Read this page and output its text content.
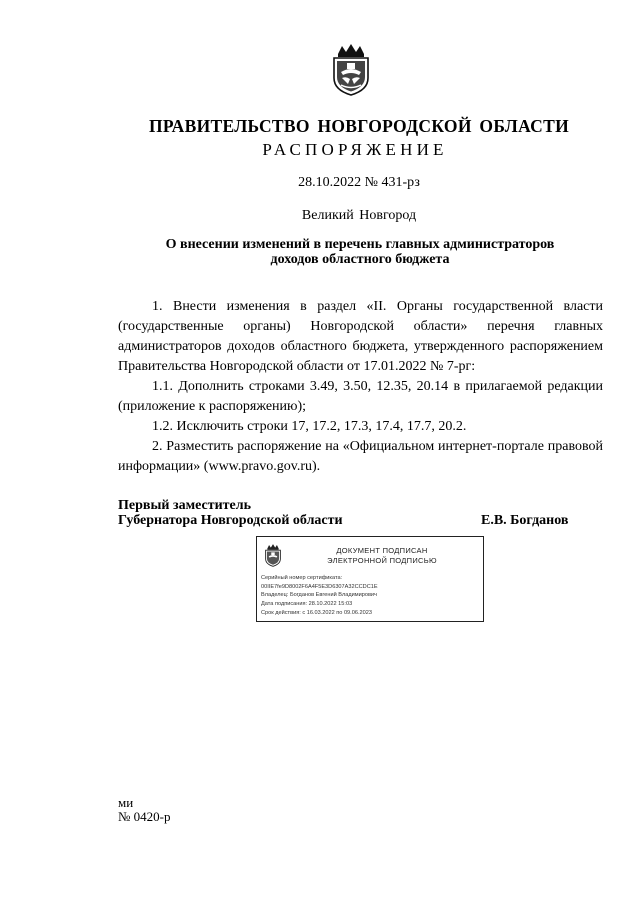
ПРАВИТЕЛЬСТВО НОВГОРОДСКОЙ ОБЛАСТИ
РАСПОРЯЖЕНИЕ
28.10.2022 № 431-рз
Великий Новгород
О внесении изменений в перечень главных администраторов
доходов областного бюджета

1. Внести изменения в раздел «II. Органы государственной власти (государственные органы) Новгородской области» перечня главных администраторов доходов областного бюджета, утвержденного распоряжением Правительства Новгородской области от 17.01.2022 № 7-рг:

1.1. Дополнить строками 3.49, 3.50, 12.35, 20.14 в прилагаемой редакции (приложение к распоряжению);

1.2. Исключить строки 17, 17.2, 17.3, 17.4, 17.7, 20.2.

2. Разместить распоряжение на «Официальном интернет-портале правовой информации» (www.pravo.gov.ru).

Первый заместитель
Губернатора Новгородской области	Е.В. Богданов
ДОКУМЕНТ ПОДПИСАН
ЭЛЕКТРОННОЙ ПОДПИСЬЮ
Серийный номер сертификата:
00IIE7fe9D8002F6A4F5E3D6307A32CCDC1E
Владелец: Богданов Евгений Владимирович
Дата подписания: 28.10.2022 15:03
Срок действия: с 16.03.2022 по 09.06.2023
ми
№ 0420-р
